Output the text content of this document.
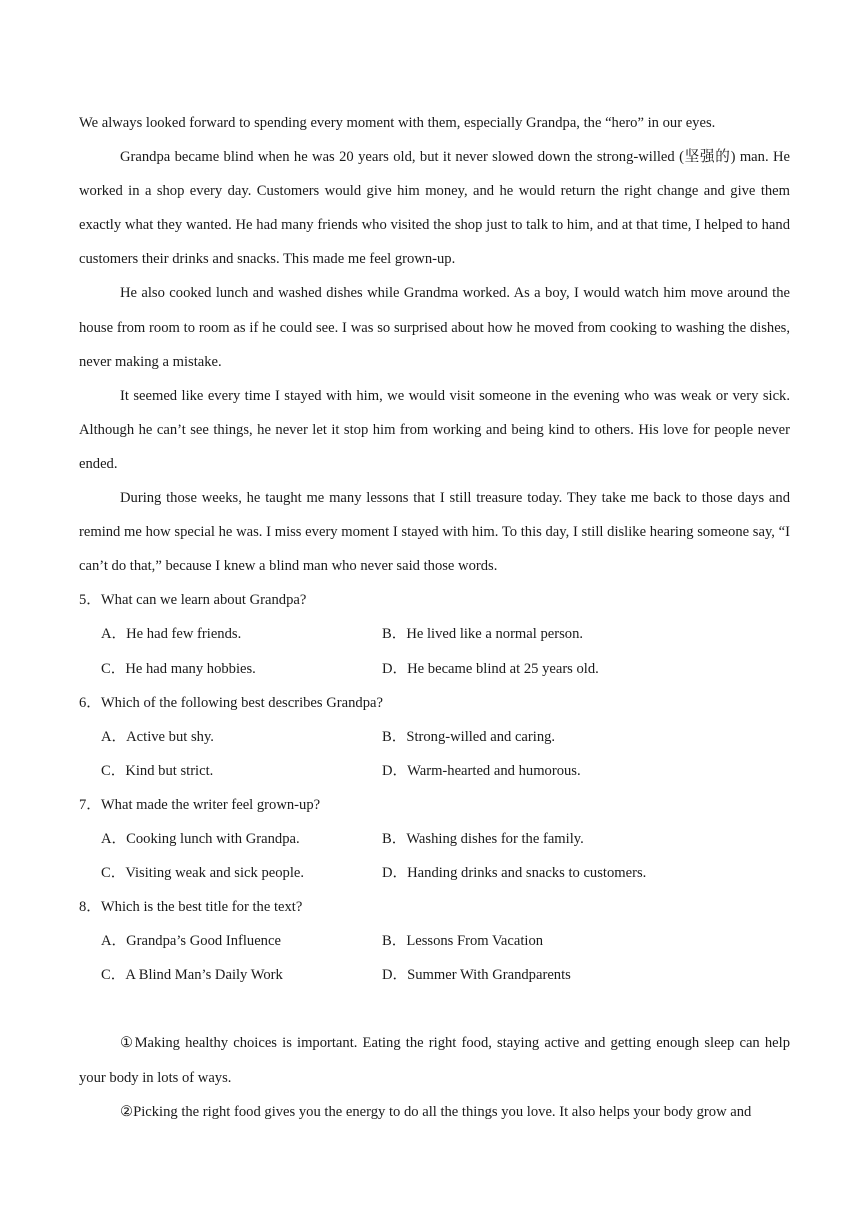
We always looked forward to spending every moment with them, especially Grandpa, the “hero” in our eyes.

Grandpa became blind when he was 20 years old, but it never slowed down the strong-willed (坚强的) man. He worked in a shop every day. Customers would give him money, and he would return the right change and give them exactly what they wanted. He had many friends who visited the shop just to talk to him, and at that time, I helped to hand customers their drinks and snacks. This made me feel grown-up.

He also cooked lunch and washed dishes while Grandma worked. As a boy, I would watch him move around the house from room to room as if he could see. I was so surprised about how he moved from cooking to washing the dishes, never making a mistake.

It seemed like every time I stayed with him, we would visit someone in the evening who was weak or very sick. Although he can’t see things, he never let it stop him from working and being kind to others. His love for people never ended.

During those weeks, he taught me many lessons that I still treasure today. They take me back to those days and remind me how special he was. I miss every moment I stayed with him. To this day, I still dislike hearing someone say, “I can’t do that,” because I knew a blind man who never said those words.

5．What can we learn about Grandpa?

A．He had few friends.	B．He lived like a normal person.
C．He had many hobbies.	D．He became blind at 25 years old.

6．Which of the following best describes Grandpa?

A．Active but shy.	B．Strong-willed and caring.
C．Kind but strict.	D．Warm-hearted and humorous.

7．What made the writer feel grown-up?

A．Cooking lunch with Grandpa.	B．Washing dishes for the family.
C．Visiting weak and sick people.	D．Handing drinks and snacks to customers.

8．Which is the best title for the text?

A．Grandpa’s Good Influence	B．Lessons From Vacation
C．A Blind Man’s Daily Work	D．Summer With Grandparents

①Making healthy choices is important. Eating the right food, staying active and getting enough sleep can help your body in lots of ways.

②Picking the right food gives you the energy to do all the things you love. It also helps your body grow and
